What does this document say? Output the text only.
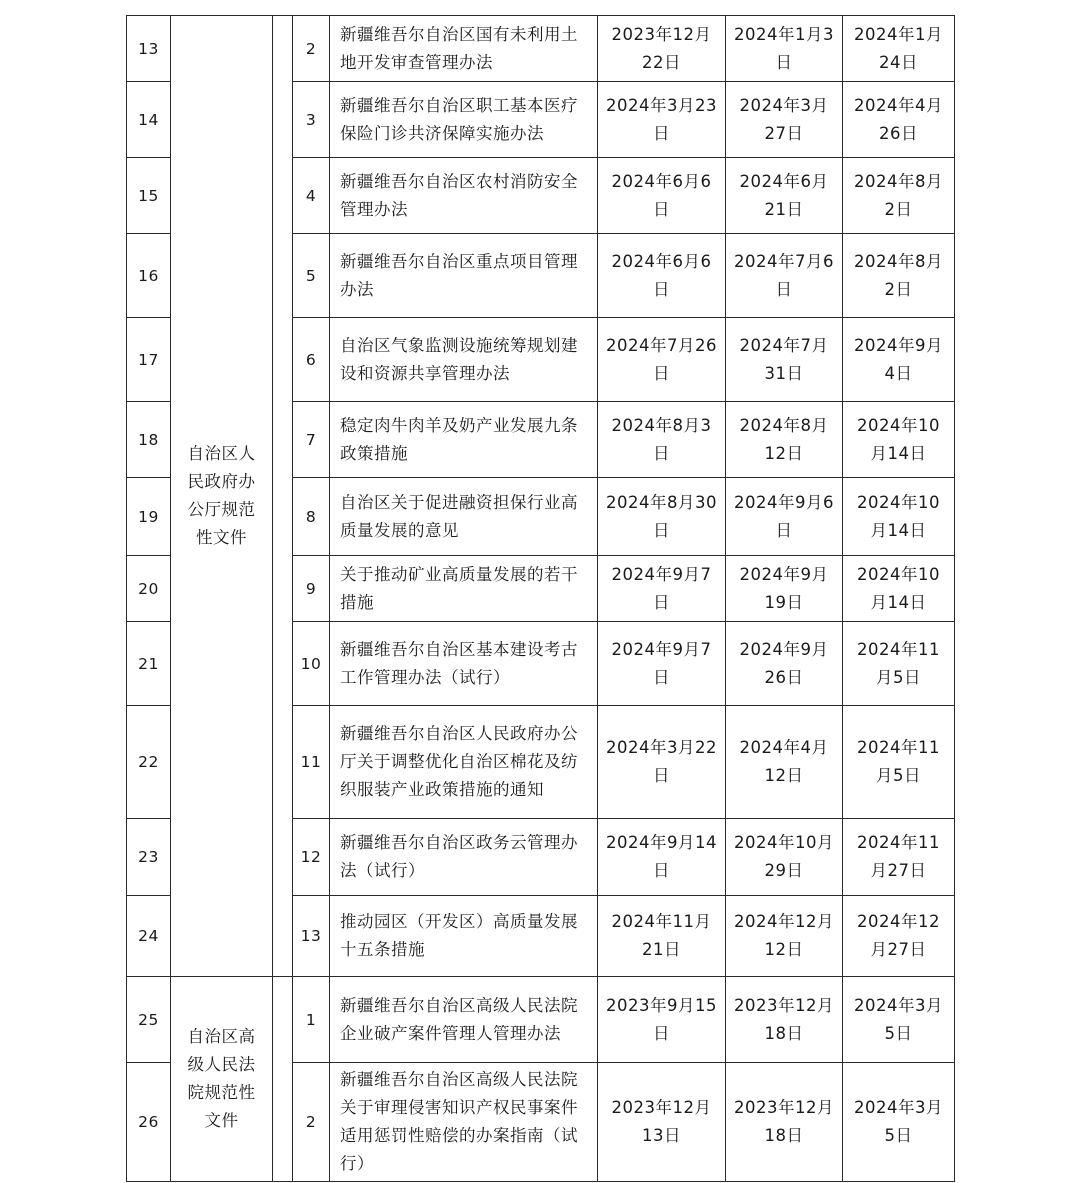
13	自治区人民政府办公厅规范性文件		2	新疆维吾尔自治区国有未利用土地开发审查管理办法	2023年12月22日	2024年1月3日	2024年1月24日
14			3	新疆维吾尔自治区职工基本医疗保险门诊共济保障实施办法	2024年3月23日	2024年3月27日	2024年4月26日
15			4	新疆维吾尔自治区农村消防安全管理办法	2024年6月6日	2024年6月21日	2024年8月2日
16			5	新疆维吾尔自治区重点项目管理办法	2024年6月6日	2024年7月6日	2024年8月2日
17			6	自治区气象监测设施统筹规划建设和资源共享管理办法	2024年7月26日	2024年7月31日	2024年9月4日
18			7	稳定肉牛肉羊及奶产业发展九条政策措施	2024年8月3日	2024年8月12日	2024年10月14日
19			8	自治区关于促进融资担保行业高质量发展的意见	2024年8月30日	2024年9月6日	2024年10月14日
20			9	关于推动矿业高质量发展的若干措施	2024年9月7日	2024年9月19日	2024年10月14日
21			10	新疆维吾尔自治区基本建设考古工作管理办法（试行）	2024年9月7日	2024年9月26日	2024年11月5日
22			11	新疆维吾尔自治区人民政府办公厅关于调整优化自治区棉花及纺织服装产业政策措施的通知	2024年3月22日	2024年4月12日	2024年11月5日
23			12	新疆维吾尔自治区政务云管理办法（试行）	2024年9月14日	2024年10月29日	2024年11月27日
24			13	推动园区（开发区）高质量发展十五条措施	2024年11月21日	2024年12月12日	2024年12月27日
25	自治区高级人民法院规范性文件		1	新疆维吾尔自治区高级人民法院企业破产案件管理人管理办法	2023年9月15日	2023年12月18日	2024年3月5日
26			2	新疆维吾尔自治区高级人民法院关于审理侵害知识产权民事案件适用惩罚性赔偿的办案指南（试行）	2023年12月13日	2023年12月18日	2024年3月5日
